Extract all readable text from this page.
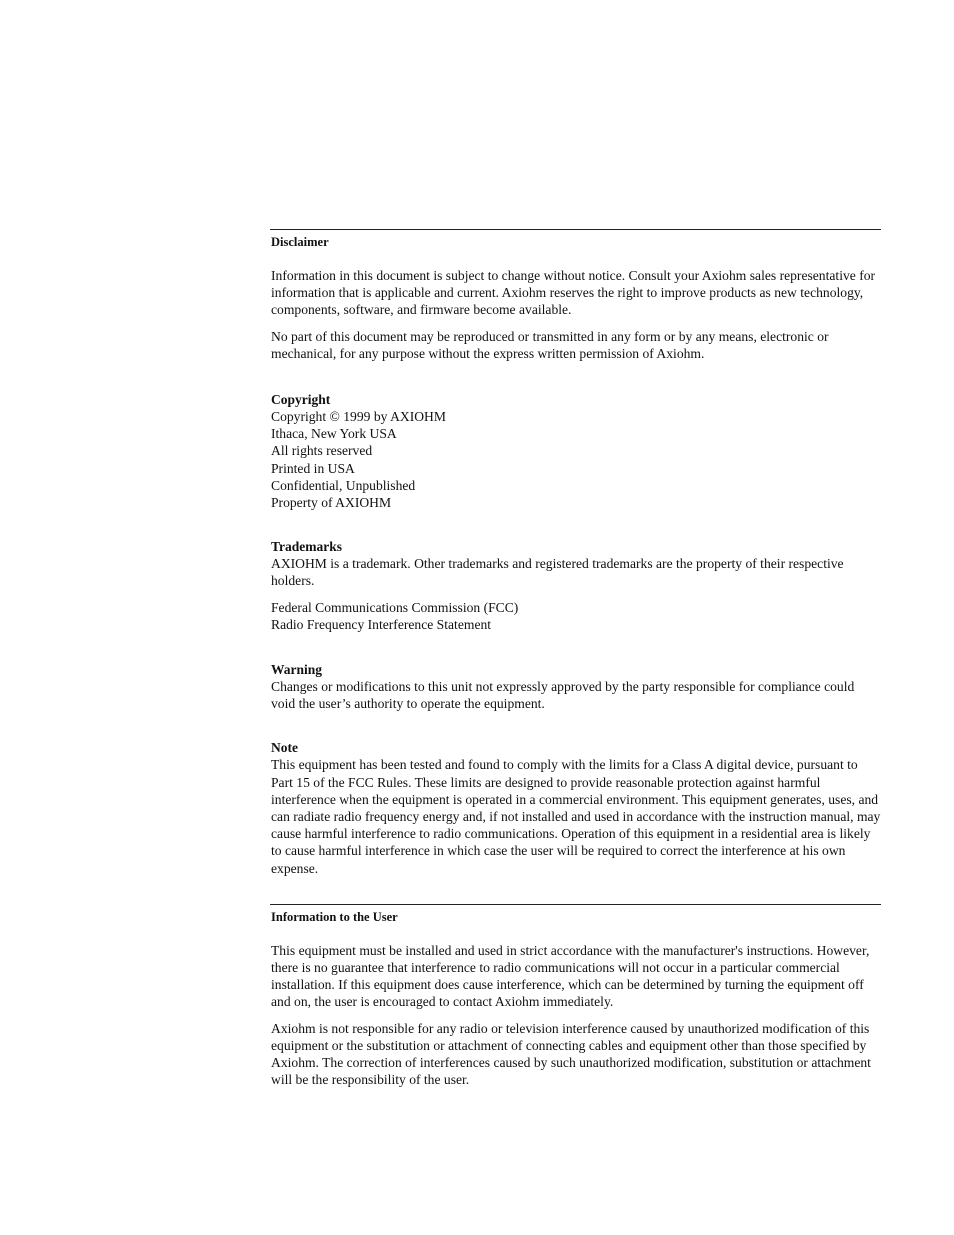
Disclaimer

Information in this document is subject to change without notice. Consult your Axiohm sales representative for information that is applicable and current. Axiohm reserves the right to improve products as new technology, components, software, and firmware become available.

No part of this document may be reproduced or transmitted in any form or by any means, electronic or mechanical, for any purpose without the express written permission of Axiohm.

Copyright
Copyright © 1999 by AXIOHM
Ithaca, New York USA
All rights reserved
Printed in USA
Confidential, Unpublished
Property of AXIOHM
Trademarks

AXIOHM is a trademark. Other trademarks and registered trademarks are the property of their respective holders.

Federal Communications Commission (FCC)
Radio Frequency Interference Statement
Warning

Changes or modifications to this unit not expressly approved by the party responsible for compliance could void the user’s authority to operate the equipment.

Note

This equipment has been tested and found to comply with the limits for a Class A digital device, pursuant to Part 15 of the FCC Rules. These limits are designed to provide reasonable protection against harmful interference when the equipment is operated in a commercial environment. This equipment generates, uses, and can radiate radio frequency energy and, if not installed and used in accordance with the instruction manual, may cause harmful interference to radio communications. Operation of this equipment in a residential area is likely to cause harmful interference in which case the user will be required to correct the interference at his own expense.

Information to the User

This equipment must be installed and used in strict accordance with the manufacturer's instructions. However, there is no guarantee that interference to radio communications will not occur in a particular commercial installation. If this equipment does cause interference, which can be determined by turning the equipment off and on, the user is encouraged to contact Axiohm immediately.

Axiohm is not responsible for any radio or television interference caused by unauthorized modification of this equipment or the substitution or attachment of connecting cables and equipment other than those specified by Axiohm. The correction of interferences caused by such unauthorized modification, substitution or attachment will be the responsibility of the user.
